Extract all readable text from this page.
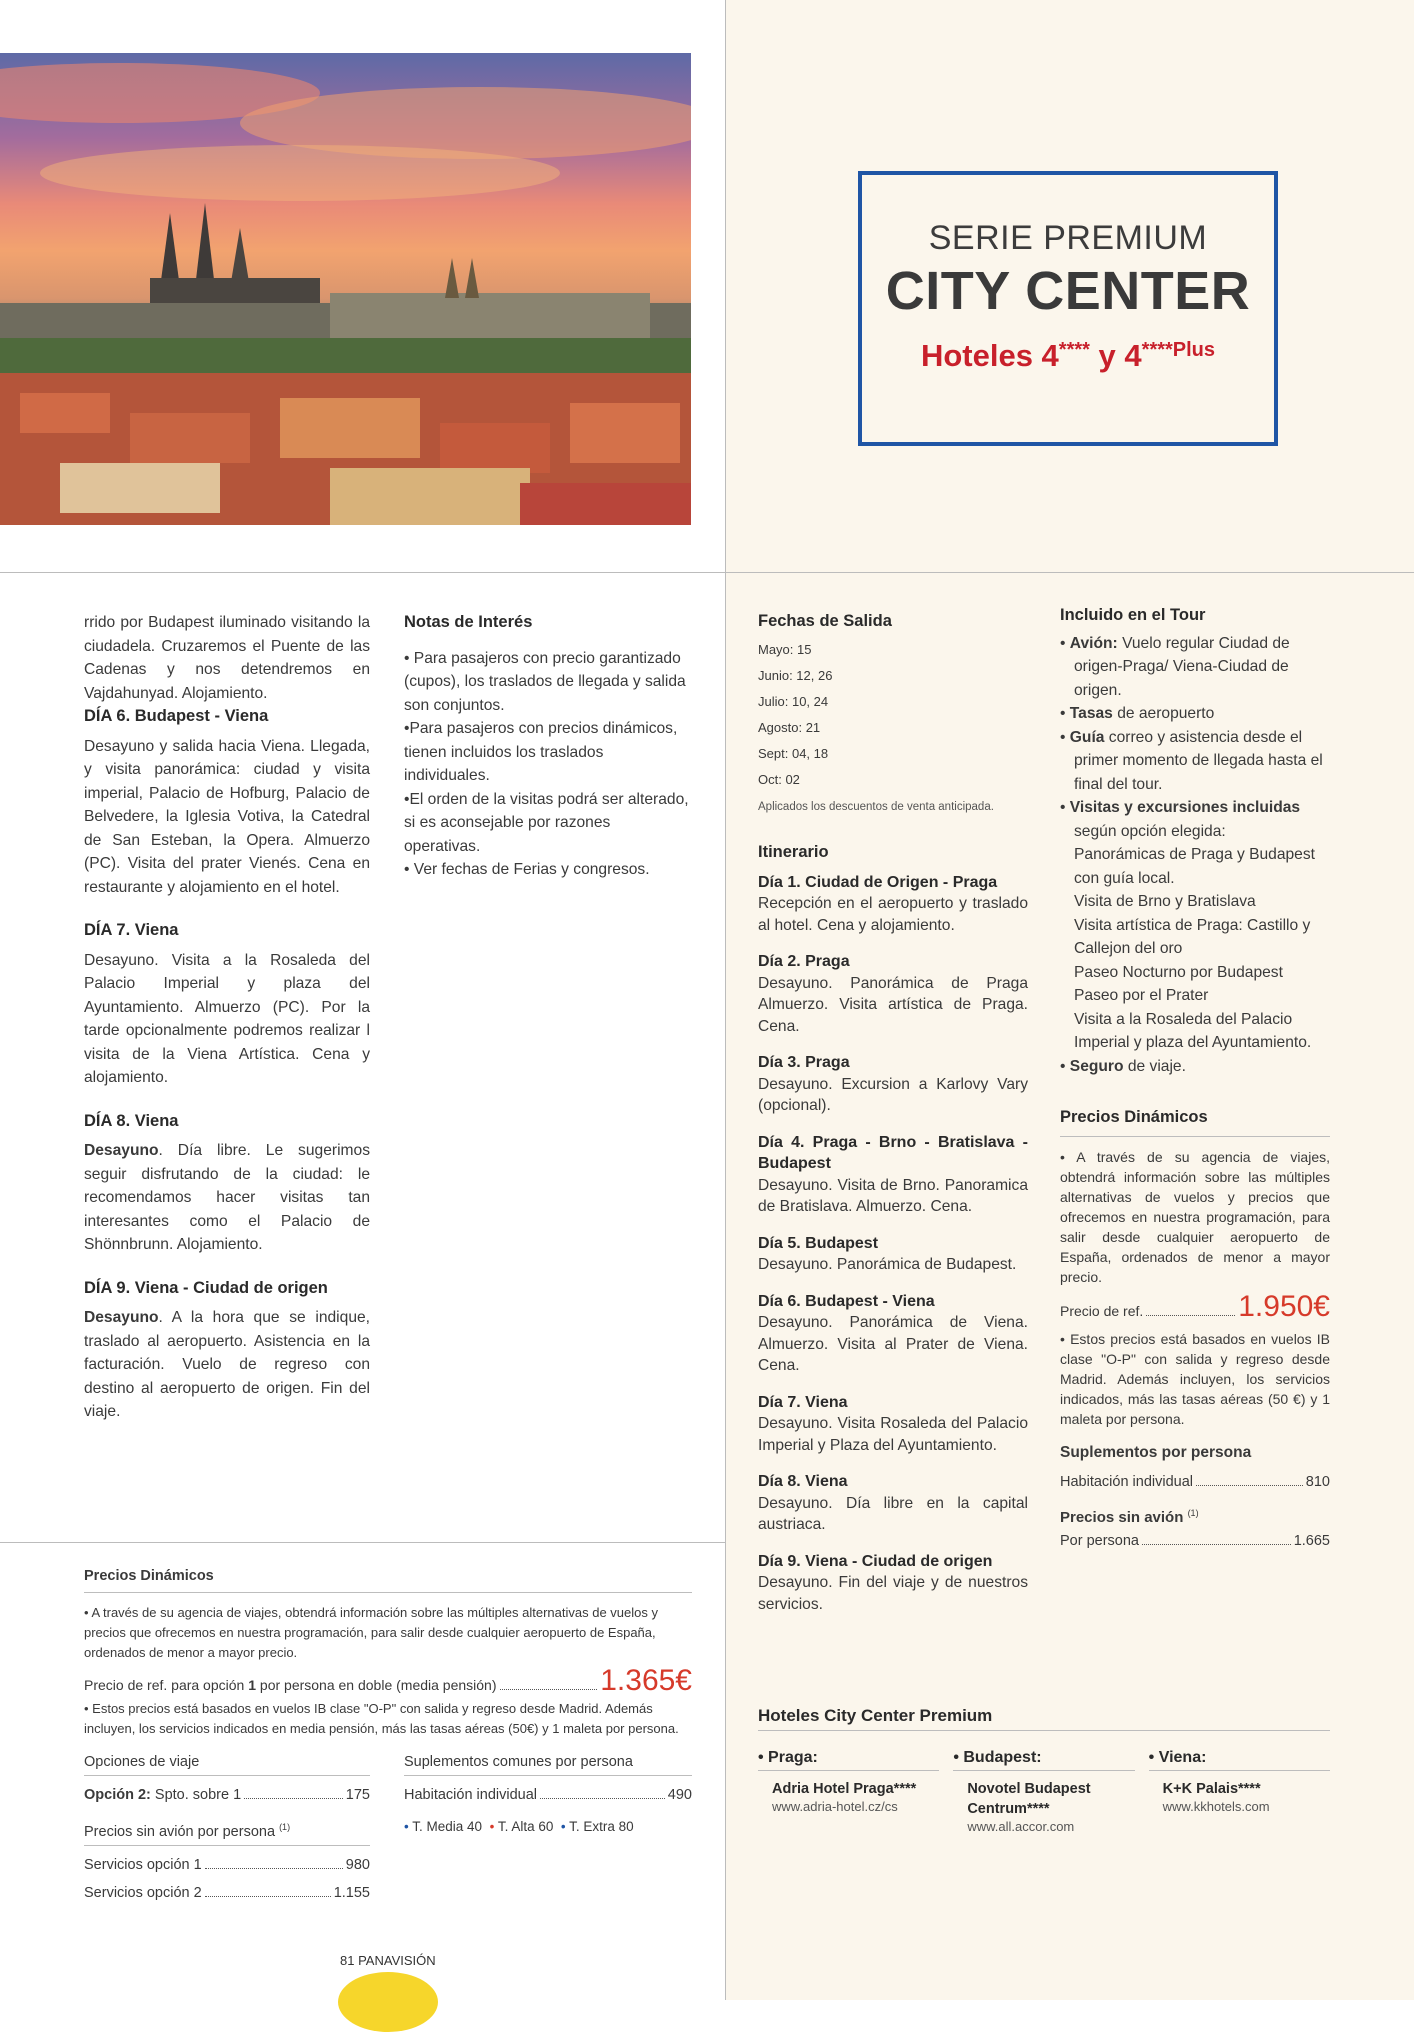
SERIE PREMIUM
CITY CENTER
Hoteles 4**** y $4^{****Plus}$

rrido por Budapest iluminado visitando la ciudadela. Cruzaremos el Puente de las Cadenas y nos detendremos en Vajdahunyad. Alojamiento.

DÍA 6. Budapest - Viena

Desayuno y salida hacia Viena. Llegada, y visita panorámica: ciudad y visita imperial, Palacio de Hofburg, Palacio de Belvedere, la Iglesia Votiva, la Catedral de San Esteban, la Opera. Almuerzo (PC). Visita del prater Vienés. Cena en restaurante y alojamiento en el hotel.

DÍA 7. Viena

Desayuno. Visita a la Rosaleda del Palacio Imperial y plaza del Ayuntamiento. Almuerzo (PC). Por la tarde opcionalmente podremos realizar l visita de la Viena Artística. Cena y alojamiento.

DÍA 8. Viena

Desayuno. Día libre. Le sugerimos seguir disfrutando de la ciudad: le recomendamos hacer visitas tan interesantes como el Palacio de Shönnbrunn. Alojamiento.

DÍA 9. Viena - Ciudad de origen

Desayuno. A la hora que se indique, traslado al aeropuerto. Asistencia en la facturación. Vuelo de regreso con destino al aeropuerto de origen. Fin del viaje.

Notas de Interés

• Para pasajeros con precio garantizado (cupos), los traslados de llegada y salida son conjuntos.

•Para pasajeros con precios dinámicos, tienen incluidos los traslados individuales.

•El orden de la visitas podrá ser alterado, si es aconsejable por razones operativas.

• Ver fechas de Ferias y congresos.

Fechas de Salida
Mayo: 15
Junio: 12, 26
Julio: 10, 24
Agosto: 21
Sept: 04, 18
Oct: 02
Aplicados los descuentos de venta anticipada.
Itinerario
Día 1. Ciudad de Origen - Praga
Recepción en el aeropuerto y traslado al hotel. Cena y alojamiento.
Día 2. Praga
Desayuno. Panorámica de Praga Almuerzo. Visita artística de Praga. Cena.
Día 3. Praga
Desayuno. Excursion a Karlovy Vary (opcional).
Día 4. Praga - Brno - Bratislava - Budapest
Desayuno. Visita de Brno. Panoramica de Bratislava. Almuerzo. Cena.
Día 5. Budapest
Desayuno. Panorámica de Budapest.
Día 6. Budapest - Viena
Desayuno. Panorámica de Viena. Almuerzo. Visita al Prater de Viena. Cena.
Día 7. Viena
Desayuno. Visita Rosaleda del Palacio Imperial y Plaza del Ayuntamiento.
Día 8. Viena
Desayuno. Día libre en la capital austriaca.
Día 9. Viena - Ciudad de origen
Desayuno. Fin del viaje y de nuestros servicios.
Incluido en el Tour
• Avión: Vuelo regular Ciudad de origen-Praga/ Viena-Ciudad de origen.
• Tasas de aeropuerto
• Guía correo y asistencia desde el primer momento de llegada hasta el final del tour.
• Visitas y excursiones incluidas según opción elegida:
Panorámicas de Praga y Budapest con guía local.
Visita de Brno y Bratislava
Visita artística de Praga: Castillo y Callejon del oro
Paseo Nocturno por Budapest
Paseo por el Prater
Visita a la Rosaleda del Palacio Imperial y plaza del Ayuntamiento.
• Seguro de viaje.
Precios Dinámicos

• A través de su agencia de viajes, obtendrá información sobre las múltiples alternativas de vuelos y precios que ofrecemos en nuestra programación, para salir desde cualquier aeropuerto de España, ordenados de menor a mayor precio.

Precio de ref.	1.950€

• Estos precios está basados en vuelos IB clase "O-P" con salida y regreso desde Madrid. Además incluyen, los servicios indicados, más las tasas aéreas (50 €) y 1 maleta por persona.

Suplementos por persona
Habitación individual	810
Precios sin avión $^{(1)}$
Por persona	1.665
Precios Dinámicos

• A través de su agencia de viajes, obtendrá información sobre las múltiples alternativas de vuelos y precios que ofrecemos en nuestra programación, para salir desde cualquier aeropuerto de España, ordenados de menor a mayor precio.

Precio de ref. para opción 1 por persona en doble (media pensión)	1.365€

• Estos precios está basados en vuelos IB clase "O-P" con salida y regreso desde Madrid. Además incluyen, los servicios indicados en media pensión, más las tasas aéreas (50€) y 1 maleta por persona.

Opciones de viaje
Opción 2: Spto. sobre 1	175
Precios sin avión por persona $^{(1)}$
Servicios opción 1	980
Servicios opción 2	1.155
Suplementos comunes por persona
Habitación individual	490
• T. Media 40 • T. Alta 60 • T. Extra 80
Hoteles City Center Premium
• Praga:
Adria Hotel Praga****
www.adria-hotel.cz/cs
• Budapest:
Novotel Budapest Centrum****
www.all.accor.com
• Viena:
K+K Palais****
www.kkhotels.com
81 PANAVISIÓN
